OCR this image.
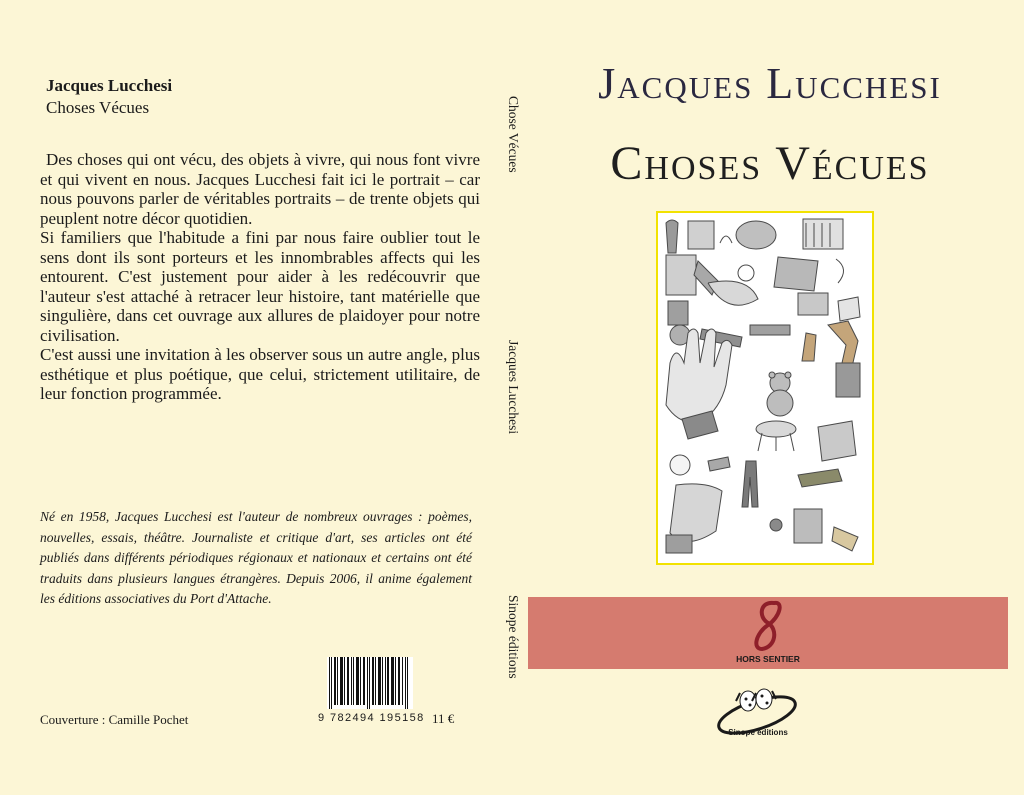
Jacques Lucchesi
Choses Vécues

Des choses qui ont vécu, des objets à vivre, qui nous font vivre et qui vivent en nous. Jacques Lucchesi fait ici le portrait – car nous pouvons parler de véritables portraits – de trente objets qui peuplent notre décor quotidien.

Si familiers que l'habitude a fini par nous faire oublier tout le sens dont ils sont porteurs et les innombrables affects qui les entourent. C'est justement pour aider à les redécouvrir que l'auteur s'est attaché à retracer leur histoire, tant matérielle que singulière, dans cet ouvrage aux allures de plaidoyer pour notre civilisation.

C'est aussi une invitation à les observer sous un autre angle, plus esthétique et plus poétique, que celui, strictement utilitaire, de leur fonction programmée.

Né en 1958, Jacques Lucchesi est l'auteur de nombreux ouvrages : poèmes, nouvelles, essais, théâtre. Journaliste et critique d'art, ses articles ont été publiés dans différents périodiques régionaux et nationaux et certains ont été traduits dans plusieurs langues étrangères. Depuis 2006, il anime également les éditions associatives du Port d'Attache.
Couverture : Camille Pochet	9 782494 195158 11 €
Chose Vécues
Jacques Lucchesi
Sinope éditions
Jacques Lucchesi
Choses Vécues
HORS SENTIER
Sinope éditions
